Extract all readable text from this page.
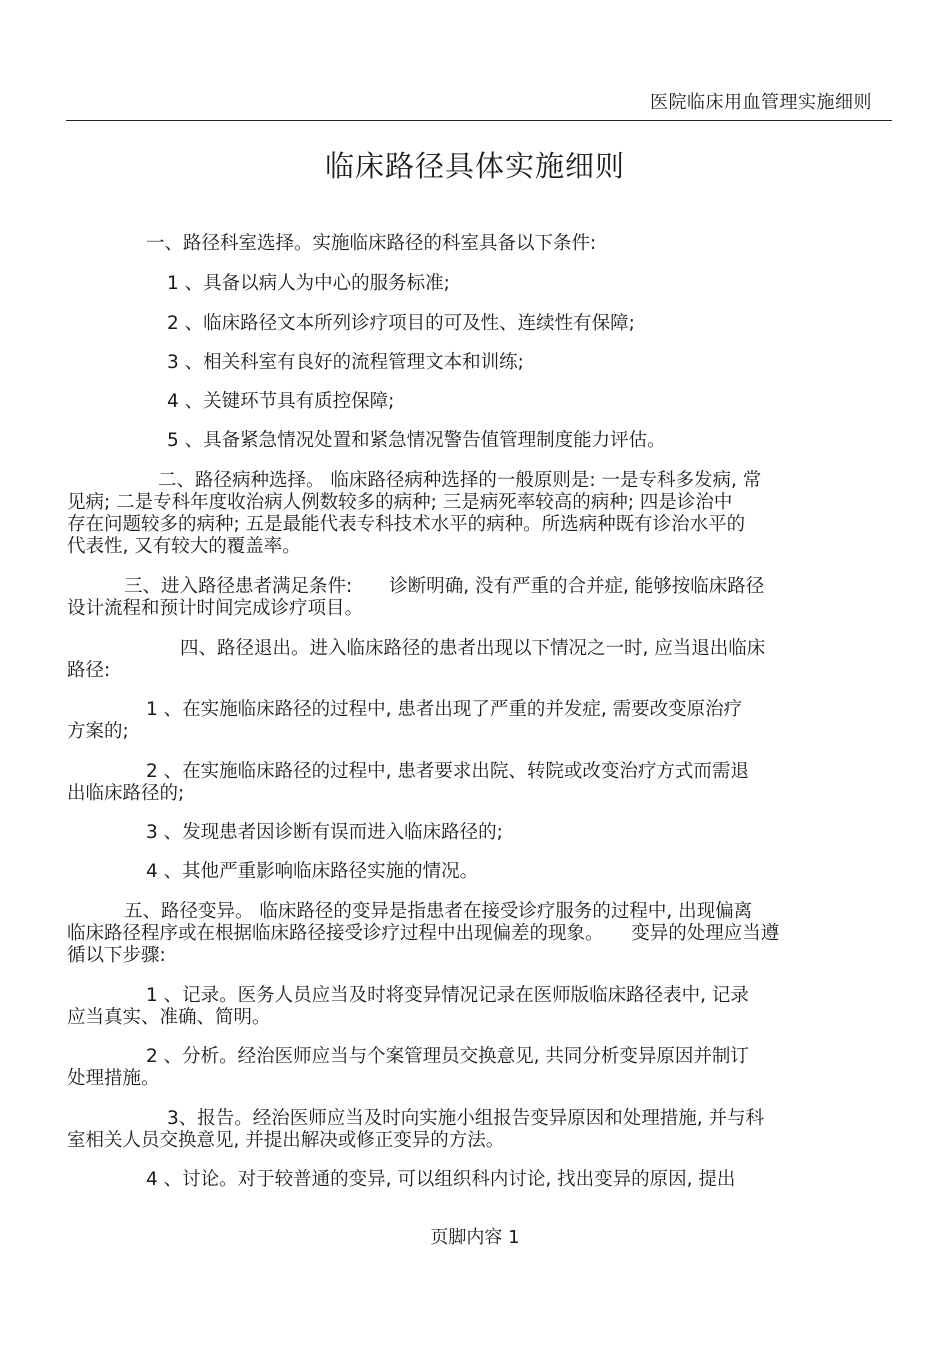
医院临床用血管理实施细则
临床路径具体实施细则
一、路径科室选择。实施临床路径的科室具备以下条件:
1 、具备以病人为中心的服务标准;
2 、临床路径文本所列诊疗项目的可及性、连续性有保障;
3 、相关科室有良好的流程管理文本和训练;
4 、关键环节具有质控保障;
5 、具备紧急情况处置和紧急情况警告值管理制度能力评估。
二、路径病种选择。 临床路径病种选择的一般原则是: 一是专科多发病, 常
见病; 二是专科年度收治病人例数较多的病种; 三是病死率较高的病种; 四是诊治中
存在问题较多的病种; 五是最能代表专科技术水平的病种。所选病种既有诊治水平的
代表性, 又有较大的覆盖率。
三、进入路径患者满足条件:　　诊断明确, 没有严重的合并症, 能够按临床路径
设计流程和预计时间完成诊疗项目。
四、路径退出。进入临床路径的患者出现以下情况之一时, 应当退出临床
路径:
1 、在实施临床路径的过程中, 患者出现了严重的并发症, 需要改变原治疗
方案的;
2 、在实施临床路径的过程中, 患者要求出院、转院或改变治疗方式而需退
出临床路径的;
3 、发现患者因诊断有误而进入临床路径的;
4 、其他严重影响临床路径实施的情况。
五、路径变异。 临床路径的变异是指患者在接受诊疗服务的过程中, 出现偏离
临床路径程序或在根据临床路径接受诊疗过程中出现偏差的现象。　　变异的处理应当遵
循以下步骤:
1 、记录。医务人员应当及时将变异情况记录在医师版临床路径表中, 记录
应当真实、准确、简明。
2 、分析。经治医师应当与个案管理员交换意见, 共同分析变异原因并制订
处理措施。
3、报告。经治医师应当及时向实施小组报告变异原因和处理措施, 并与科
室相关人员交换意见, 并提出解决或修正变异的方法。
4 、讨论。对于较普通的变异, 可以组织科内讨论, 找出变异的原因, 提出
页脚内容 1
